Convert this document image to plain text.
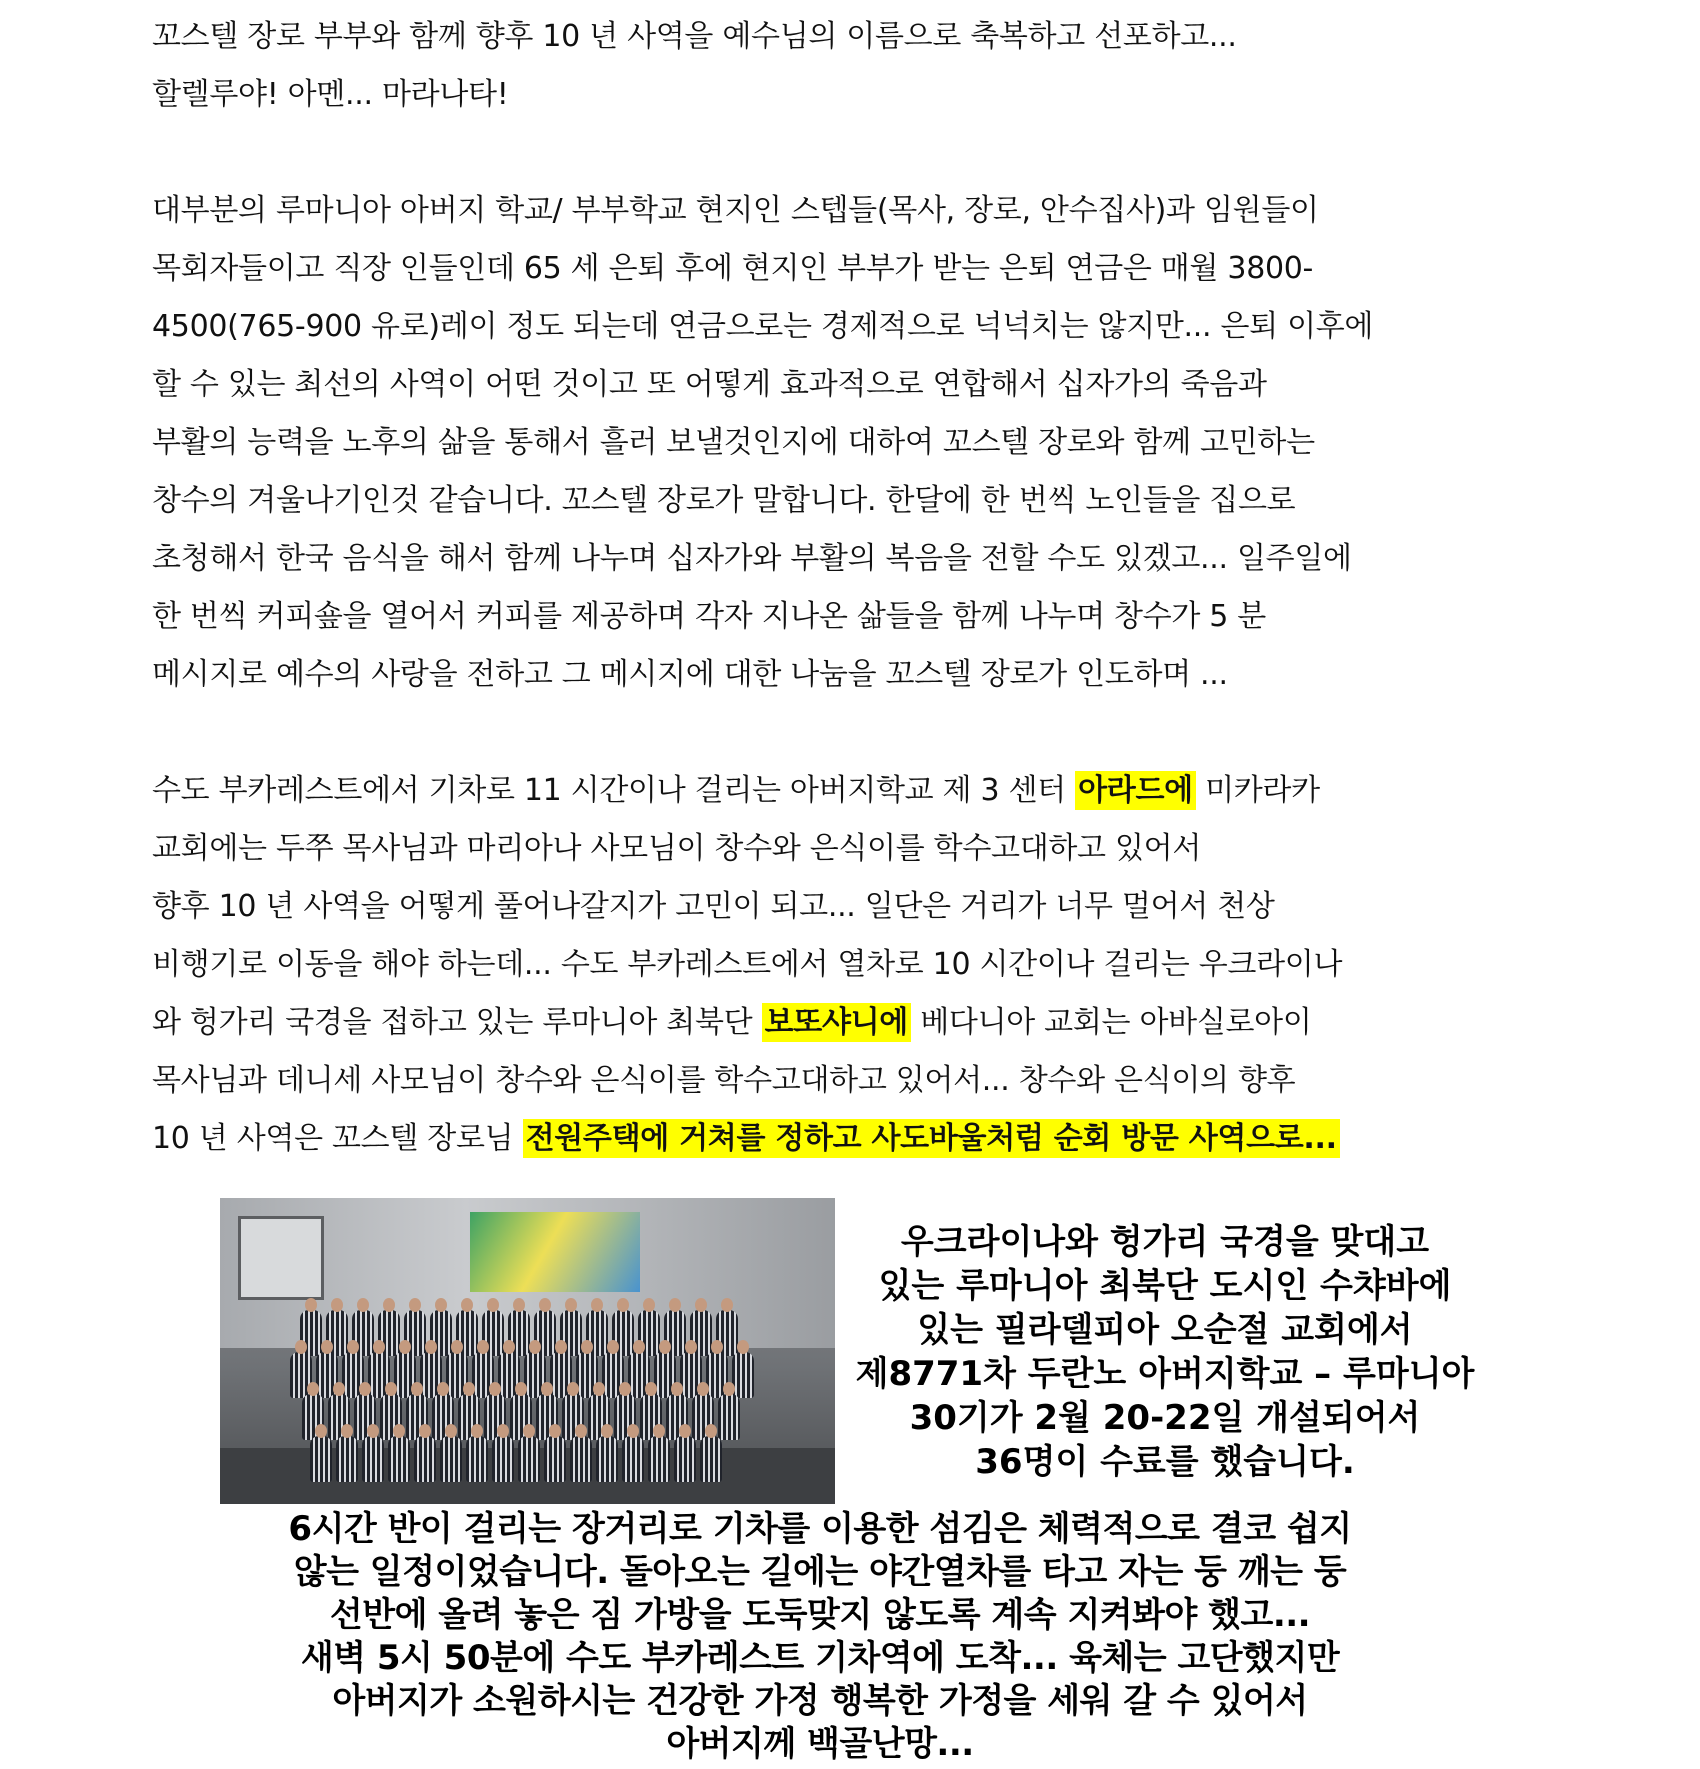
꼬스텔 장로 부부와 함께 향후 10 년 사역을 예수님의 이름으로 축복하고 선포하고...
할렐루야! 아멘... 마라나타!
대부분의 루마니아 아버지 학교/ 부부학교 현지인 스텝들(목사, 장로, 안수집사)과 임원들이
목회자들이고 직장 인들인데 65 세 은퇴 후에 현지인 부부가 받는 은퇴 연금은 매월 3800-
4500(765-900 유로)레이 정도 되는데 연금으로는 경제적으로 넉넉치는 않지만... 은퇴 이후에
할 수 있는 최선의 사역이 어떤 것이고 또 어떻게 효과적으로 연합해서 십자가의 죽음과
부활의 능력을 노후의 삶을 통해서 흘러 보낼것인지에 대하여 꼬스텔 장로와 함께 고민하는
창수의 겨울나기인것 같습니다. 꼬스텔 장로가 말합니다. 한달에 한 번씩 노인들을 집으로
초청해서 한국 음식을 해서 함께 나누며 십자가와 부활의 복음을 전할 수도 있겠고... 일주일에
한 번씩 커피숖을 열어서 커피를 제공하며 각자 지나온 삶들을 함께 나누며 창수가 5 분
메시지로 예수의 사랑을 전하고 그 메시지에 대한 나눔을 꼬스텔 장로가 인도하며 ...
수도 부카레스트에서 기차로 11 시간이나 걸리는 아버지학교 제 3 센터 아라드에 미카라카
교회에는 두쭈 목사님과 마리아나 사모님이 창수와 은식이를 학수고대하고 있어서
향후 10 년 사역을 어떻게 풀어나갈지가 고민이 되고... 일단은 거리가 너무 멀어서 천상
비행기로 이동을 해야 하는데... 수도 부카레스트에서 열차로 10 시간이나 걸리는 우크라이나
와 헝가리 국경을 접하고 있는 루마니아 최북단 보또샤니에 베다니아 교회는 아바실로아이
목사님과 데니세 사모님이 창수와 은식이를 학수고대하고 있어서... 창수와 은식이의 향후
10 년 사역은 꼬스텔 장로님 전원주택에 거쳐를 정하고 사도바울처럼 순회 방문 사역으로...
우크라이나와 헝가리 국경을 맞대고
있는 루마니아 최북단 도시인 수챠바에
있는 필라델피아 오순절 교회에서
제8771차 두란노 아버지학교 – 루마니아
30기가 2월 20-22일 개설되어서
36명이 수료를 했습니다.
6시간 반이 걸리는 장거리로 기차를 이용한 섬김은 체력적으로 결코 쉽지
않는 일정이었습니다. 돌아오는 길에는 야간열차를 타고 자는 둥 깨는 둥
선반에 올려 놓은 짐 가방을 도둑맞지 않도록 계속 지켜봐야 했고...
새벽 5시 50분에 수도 부카레스트 기차역에 도착... 육체는 고단했지만
아버지가 소원하시는 건강한 가정 행복한 가정을 세워 갈 수 있어서
아버지께 백골난망...
